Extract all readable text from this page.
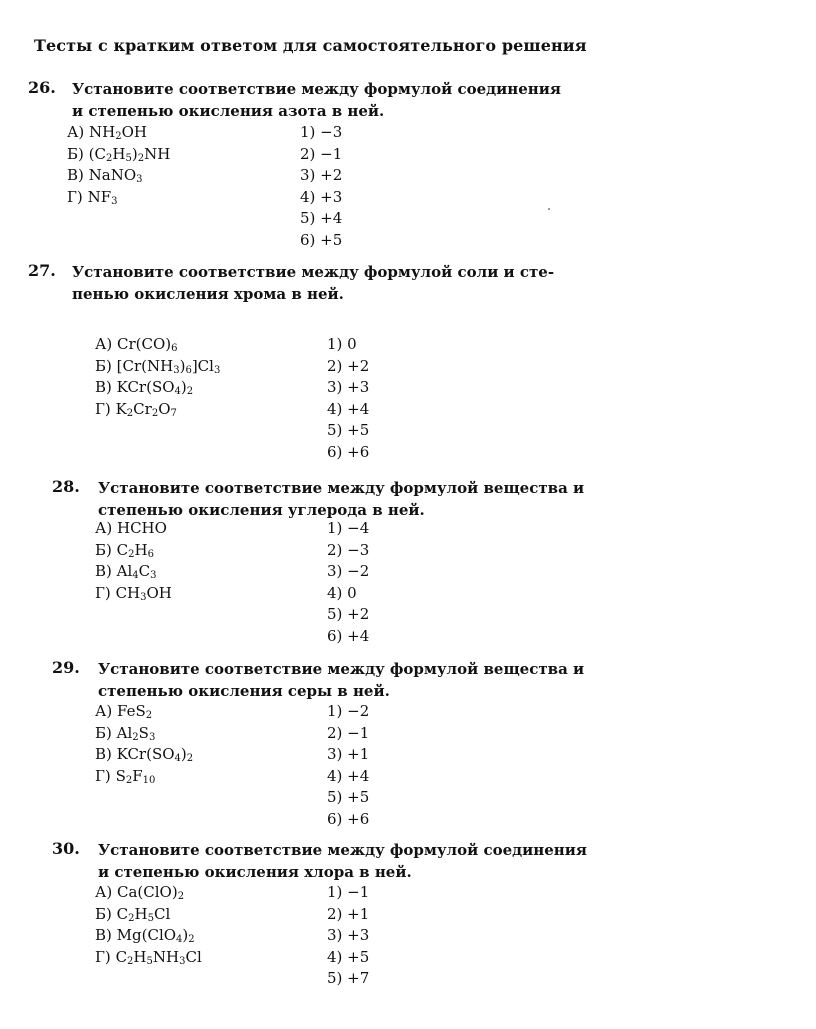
Тесты с кратким ответом для самостоятельного решения
26. Установите соответствие между формулой соединения
и степенью окисления азота в ней.
А) $NH_2OH$
Б) $(C_2H_5)_2NH$
В) NaNO$_3$
Г) $NF_3$
1) −3
2) −1
3) +2
4) +3
5) +4
6) +5
27. Установите соответствие между формулой соли и сте-
пенью окисления хрома в ней.
А) $Cr(CO)_6$
Б) $[Cr(NH_3)_6]Cl_3$
В) $KCr(SO_4)_2$
Г) $K_2Cr_2O_7$
1) 0
2) +2
3) +3
4) +4
5) +5
6) +6
28. Установите соответствие между формулой вещества и
степенью окисления углерода в ней.
А) HCHO
Б) $C_2H_6$
В) $Al_4C_3$
Г) $CH_3OH$
1) −4
2) −3
3) −2
4) 0
5) +2
6) +4
29. Установите соответствие между формулой вещества и
степенью окисления серы в ней.
А) FeS$_2$
Б) $Al_2S_3$
В) $KCr(SO_4)_2$
Г) $S_2F_{10}$
1) −2
2) −1
3) +1
4) +4
5) +5
6) +6
30. Установите соответствие между формулой соединения
и степенью окисления хлора в ней.
А) $Ca(ClO)_2$
Б) $C_2H_5Cl$
В) $Mg(ClO_4)_2$
Г) $C_2H_5NH_3Cl$
1) −1
2) +1
3) +3
4) +5
5) +7
